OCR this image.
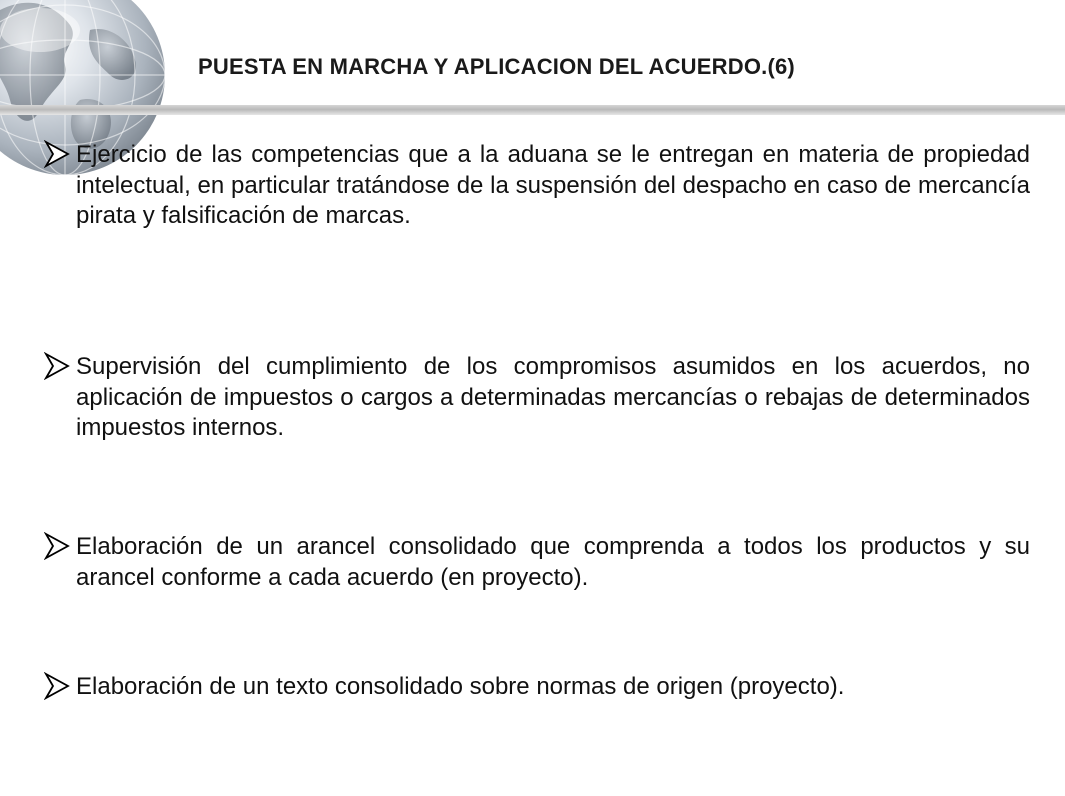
PUESTA EN MARCHA Y APLICACION DEL ACUERDO.(6)
Ejercicio de las competencias que a la aduana se le entregan en materia de propiedad intelectual, en particular tratándose de la suspensión del despacho en caso de mercancía pirata y falsificación de marcas.
Supervisión del cumplimiento de los compromisos asumidos en los acuerdos, no aplicación de impuestos o cargos a determinadas mercancías o rebajas de determinados impuestos internos.
Elaboración de un arancel consolidado que comprenda a todos los productos y su arancel conforme a cada acuerdo (en proyecto).
Elaboración de un texto consolidado sobre normas de origen (proyecto).
